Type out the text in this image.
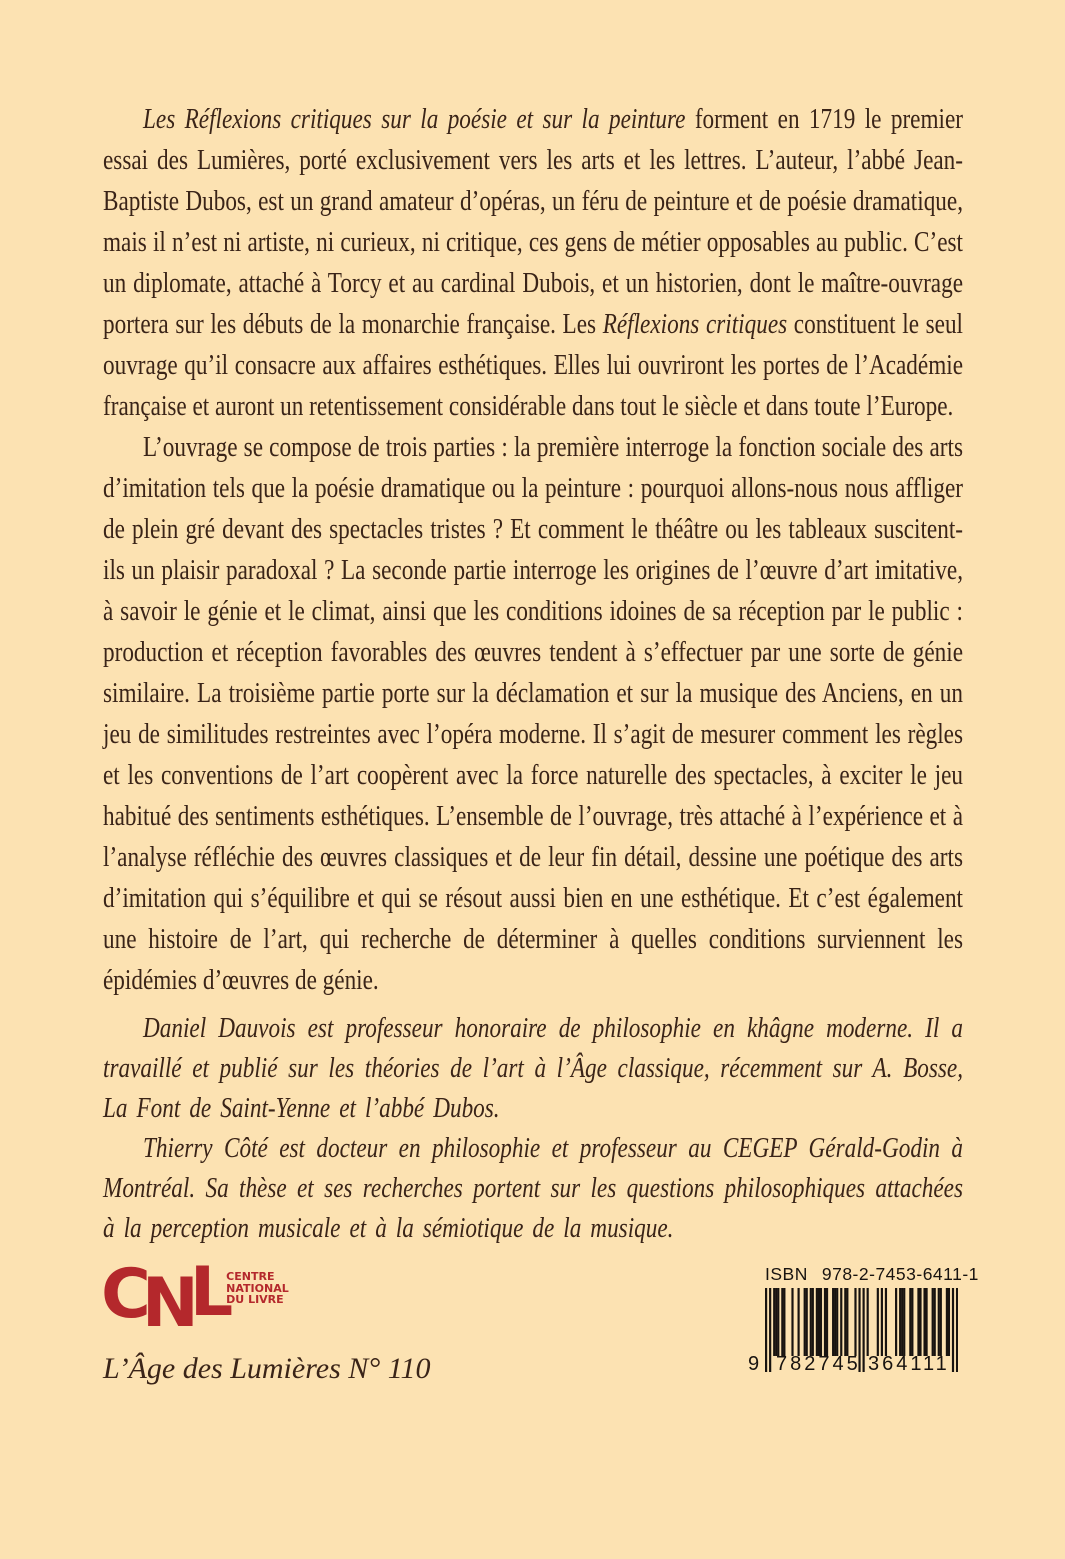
Les Réflexions critiques sur la poésie et sur la peinture forment en 1719 le premier essai des Lumières, porté exclusivement vers les arts et les lettres. L’auteur, l’abbé Jean-Baptiste Dubos, est un grand amateur d’opéras, un féru de peinture et de poésie dramatique, mais il n’est ni artiste, ni curieux, ni critique, ces gens de métier opposables au public. C’est un diplomate, attaché à Torcy et au cardinal Dubois, et un historien, dont le maître-ouvrage portera sur les débuts de la monarchie française. Les Réflexions critiques constituent le seul ouvrage qu’il consacre aux affaires esthétiques. Elles lui ouvriront les portes de l’Académie française et auront un retentissement considérable dans tout le siècle et dans toute l’Europe.

L’ouvrage se compose de trois parties : la première interroge la fonction sociale des arts d’imitation tels que la poésie dramatique ou la peinture : pourquoi allons-nous nous affliger de plein gré devant des spectacles tristes ? Et comment le théâtre ou les tableaux suscitent-ils un plaisir paradoxal ? La seconde partie interroge les origines de l’œuvre d’art imitative, à savoir le génie et le climat, ainsi que les conditions idoines de sa réception par le public : production et réception favorables des œuvres tendent à s’effectuer par une sorte de génie similaire. La troisième partie porte sur la déclamation et sur la musique des Anciens, en un jeu de similitudes restreintes avec l’opéra moderne. Il s’agit de mesurer comment les règles et les conventions de l’art coopèrent avec la force naturelle des spectacles, à exciter le jeu habitué des sentiments esthétiques. L’ensemble de l’ouvrage, très attaché à l’expérience et à l’analyse réfléchie des œuvres classiques et de leur fin détail, dessine une poétique des arts d’imitation qui s’équilibre et qui se résout aussi bien en une esthétique. Et c’est également une histoire de l’art, qui recherche de déterminer à quelles conditions surviennent les épidémies d’œuvres de génie.

Daniel Dauvois est professeur honoraire de philosophie en khâgne moderne. Il a travaillé et publié sur les théories de l’art à l’Âge classique, récemment sur A. Bosse, La Font de Saint-Yenne et l’abbé Dubos.

Thierry Côté est docteur en philosophie et professeur au CEGEP Gérald-Godin à Montréal. Sa thèse et ses recherches portent sur les questions philosophiques attachées à la perception musicale et à la sémiotique de la musique.

CNL CENTRE
NATIONAL
DU LIVRE
L’Âge des Lumières N° 110
ISBN 978-2-7453-6411-1
9 782745 364111
